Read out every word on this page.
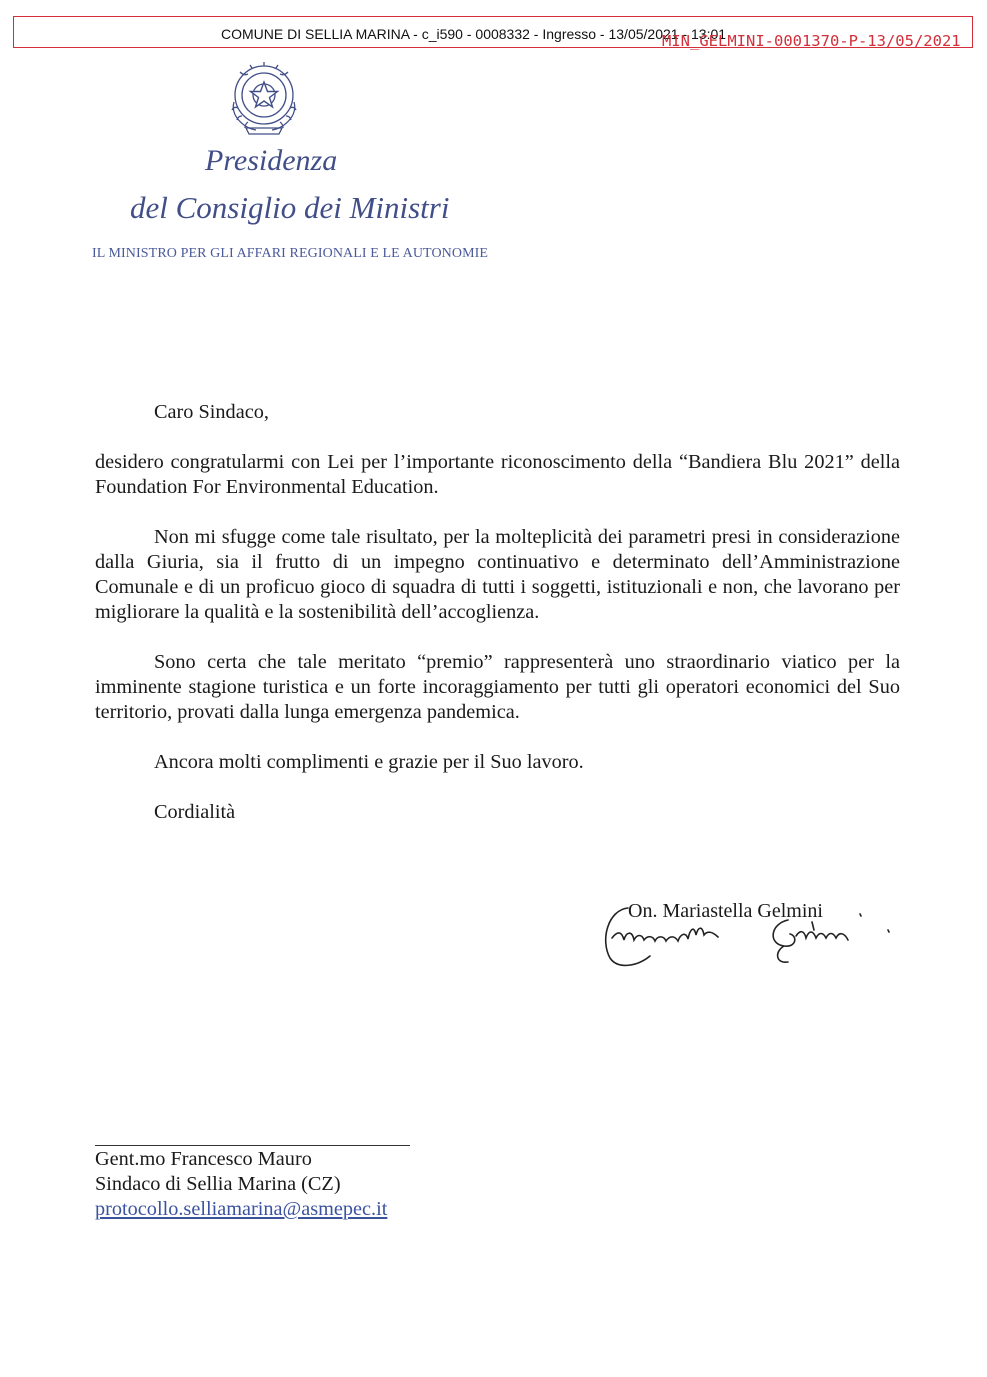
COMUNE DI SELLIA MARINA - c_i590 - 0008332 - Ingresso - 13/05/2021 - 13:01
MIN_GELMINI-0001370-P-13/05/2021
Presidenza
del Consiglio dei Ministri
IL MINISTRO PER GLI AFFARI REGIONALI E LE AUTONOMIE
Caro Sindaco,
desidero congratularmi con Lei per l’importante riconoscimento della “Bandiera Blu 2021” della Foundation For Environmental Education.
Non mi sfugge come tale risultato, per la molteplicità dei parametri presi in considerazione dalla Giuria, sia il frutto di un impegno continuativo e determinato dell’Amministrazione Comunale e di un proficuo gioco di squadra di tutti i soggetti, istituzionali e non, che lavorano per migliorare la qualità e la sostenibilità dell’accoglienza.
Sono certa che tale meritato “premio” rappresenterà uno straordinario viatico per la imminente stagione turistica e un forte incoraggiamento per tutti gli operatori economici del Suo territorio, provati dalla lunga emergenza pandemica.
Ancora molti complimenti e grazie per il Suo lavoro.
Cordialità
On. Mariastella Gelmini
Gent.mo Francesco Mauro
Sindaco di Sellia Marina (CZ)
protocollo.selliamarina@asmepec.it
